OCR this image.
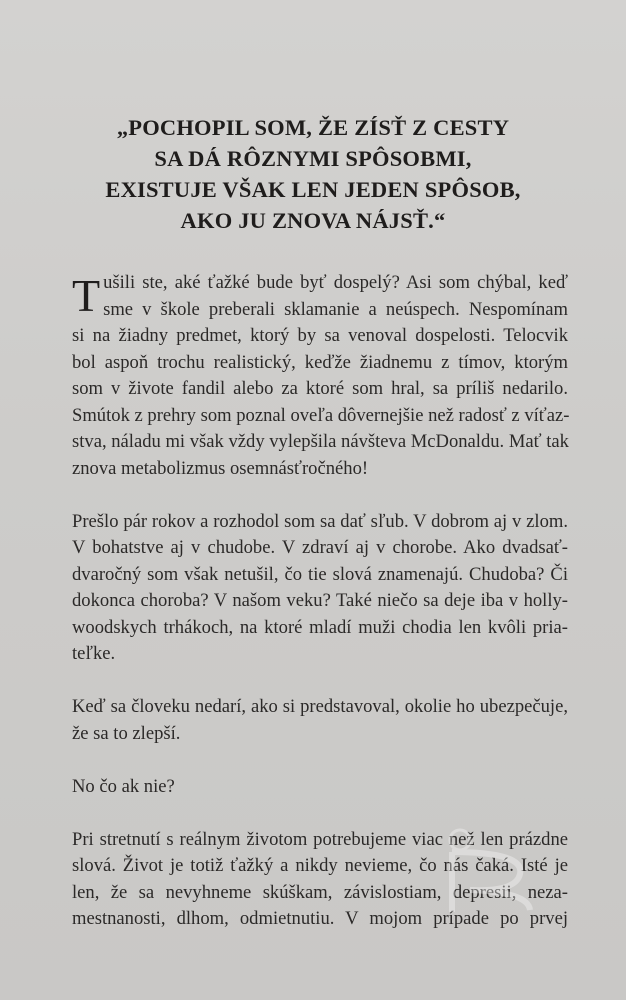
„POCHOPIL SOM, ŽE ZÍSŤ Z CESTY
SA DÁ RÔZNYMI SPÔSOBMI,
EXISTUJE VŠAK LEN JEDEN SPÔSOB,
AKO JU ZNOVA NÁJSŤ.“
T ušili ste, aké ťažké bude byť dospelý? Asi som chýbal, keď
sme v škole preberali sklamanie a neúspech. Nespomínam
si na žiadny predmet, ktorý by sa venoval dospelosti. Telocvik
bol aspoň trochu realistický, keďže žiadnemu z tímov, ktorým
som v živote fandil alebo za ktoré som hral, sa príliš nedarilo.
Smútok z prehry som poznal oveľa dôvernejšie než radosť z víťaz-
stva, náladu mi však vždy vylepšila návšteva McDonaldu. Mať tak
znova metabolizmus osemnásťročného!
Prešlo pár rokov a rozhodol som sa dať sľub. V dobrom aj v zlom.
V bohatstve aj v chudobe. V zdraví aj v chorobe. Ako dvadsať-
dvaročný som však netušil, čo tie slová znamenajú. Chudoba? Či
dokonca choroba? V našom veku? Také niečo sa deje iba v holly-
woodskych trhákoch, na ktoré mladí muži chodia len kvôli pria-
teľke.
Keď sa človeku nedarí, ako si predstavoval, okolie ho ubezpečuje,
že sa to zlepší.
No čo ak nie?
Pri stretnutí s reálnym životom potrebujeme viac než len prázdne
slová. Život je totiž ťažký a nikdy nevieme, čo nás čaká. Isté je
len, že sa nevyhneme skúškam, závislostiam, depresii, neza-
mestnanosti, dlhom, odmietnutiu. V mojom prípade po prvej
